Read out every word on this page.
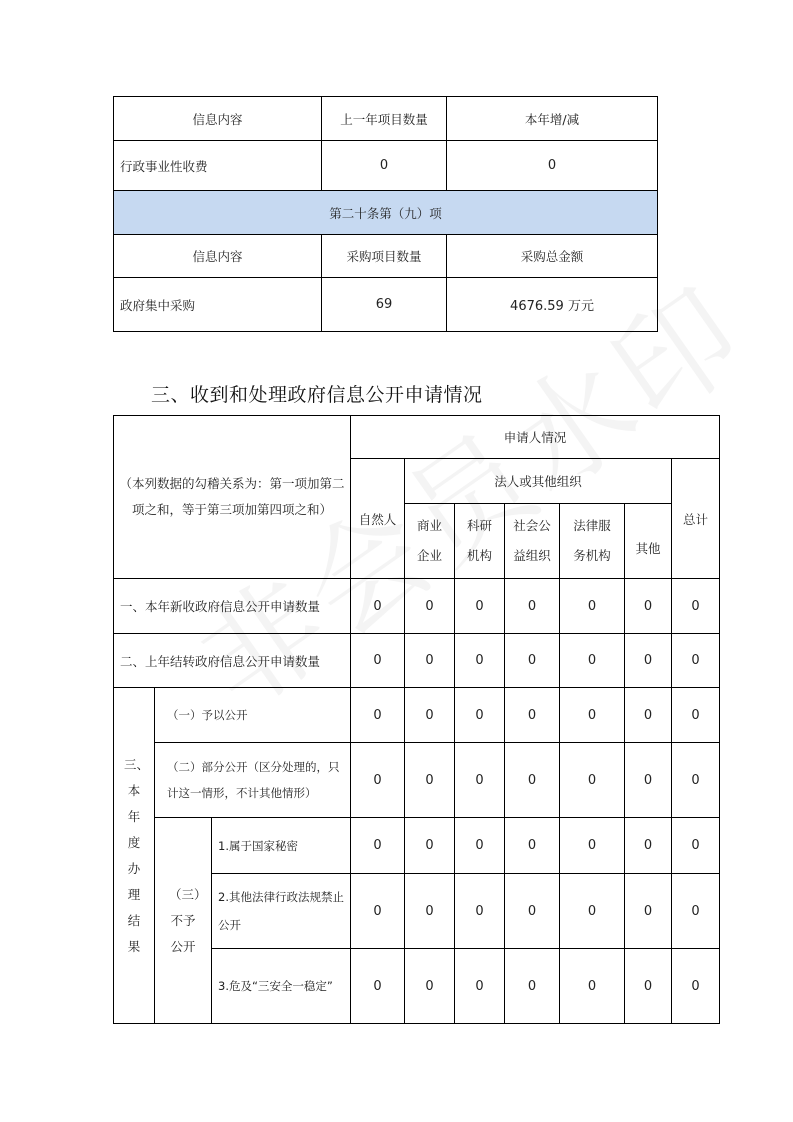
信息内容	上一年项目数量	本年增/减
行政事业性收费	0	0
第二十条第（九）项		
信息内容	采购项目数量	采购总金额
政府集中采购	69	4676.59 万元
三、收到和处理政府信息公开申请情况
（本列数据的勾稽关系为：第一项加第二项之和，等于第三项加第四项之和）			申请人情况						
			自然人	法人或其他组织					总计
				商业企业	科研机构	社会公益组织	法律服务机构	其他	
一、本年新收政府信息公开申请数量			0	0	0	0	0	0	0
二、上年结转政府信息公开申请数量			0	0	0	0	0	0	0
三、本年度办理结果	（一）予以公开		0	0	0	0	0	0	0
	（二）部分公开（区分处理的，只计这一情形，不计其他情形）		0	0	0	0	0	0	0
	（三）不予公开	1.属于国家秘密	0	0	0	0	0	0	0
		2.其他法律行政法规禁止公开	0	0	0	0	0	0	0
		3.危及“三安全一稳定”	0	0	0	0	0	0	0
